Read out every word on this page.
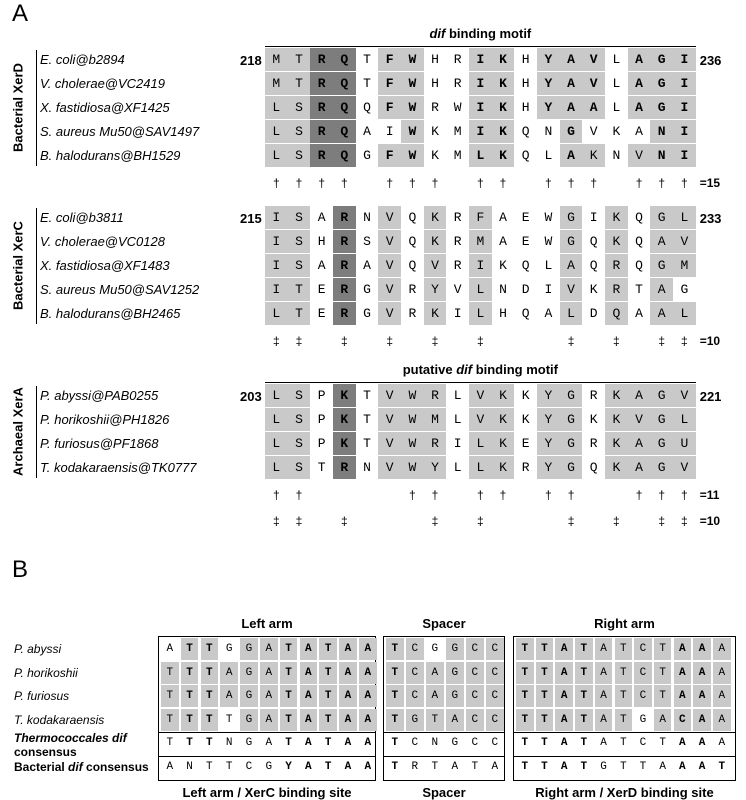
A
Bacterial XerD
dif binding motif
218	236
E. coli@b2894	M	T	R	Q	T	F	W	H	R	I	K	H	Y	A	V	L	A	G	I
V. cholerae@VC2419	M	T	R	Q	T	F	W	H	R	I	K	H	Y	A	V	L	A	G	I
X. fastidiosa@XF1425	L	S	R	Q	Q	F	W	R	W	I	K	H	Y	A	A	L	A	G	I
S. aureus Mu50@SAV1497	L	S	R	Q	A	I	W	K	M	I	K	Q	N	G	V	K	A	N	I
B. halodurans@BH1529	L	S	R	Q	G	F	W	K	M	L	K	Q	L	A	K	N	V	N	I
†	†	†	†	†	†	†	†	†	†	†	†	†	†	†	=15
Bacterial XerC
215	233
E. coli@b3811	I	S	A	R	N	V	Q	K	R	F	A	E	W	G	I	K	Q	G	L
V. cholerae@VC0128	I	S	H	R	S	V	Q	K	R	M	A	E	W	G	Q	K	Q	A	V
X. fastidiosa@XF1483	I	S	A	R	A	V	Q	V	R	I	K	Q	L	A	Q	R	Q	G	M
S. aureus Mu50@SAV1252	I	T	E	R	G	V	R	Y	V	L	N	D	I	V	K	R	T	A	G
B. halodurans@BH2465	L	T	E	R	G	V	R	K	I	L	H	Q	A	L	D	Q	A	A	L
‡	‡	‡	‡	‡	‡	‡	‡	‡	‡	=10
Archaeal XerA
putative dif binding motif
203	221
P. abyssi@PAB0255	L	S	P	K	T	V	W	R	L	V	K	K	Y	G	R	K	A	G	V
P. horikoshii@PH1826	L	S	P	K	T	V	W	M	L	V	K	K	Y	G	K	K	V	G	L
P. furiosus@PF1868	L	S	P	K	T	V	W	R	I	L	K	E	Y	G	R	K	A	G	U
T. kodakaraensis@TK0777	L	S	T	R	N	V	W	Y	L	L	K	R	Y	G	Q	K	A	G	V
†	†	†	†	†	†	†	†	†	†	†	=11
‡	‡	‡	‡	‡	‡	‡	‡	‡	=10
B
Left arm
Left arm / XerC binding site
Spacer
Spacer
Right arm
Right arm / XerD binding site
P. abyssi	A	T	T	G	G	A	T	A	T	A	A	T	C	G	G	C	C	T	T	A	T	A	T	C	T	A	A	A
P. horikoshii	T	T	T	A	G	A	T	A	T	A	A	T	C	A	G	C	C	T	T	A	T	A	T	C	T	A	A	A
P. furiosus	T	T	T	A	G	A	T	A	T	A	A	T	C	A	G	C	C	T	T	A	T	A	T	C	T	A	A	A
T. kodakaraensis	T	T	T	T	G	A	T	A	T	A	A	T	G	T	A	C	C	T	T	A	T	A	T	G	A	C	A	A
Thermococcales dif
consensus
T	T	T	N	G	A	T	A	T	A	A	T	C	N	G	C	C	T	T	A	T	A	T	C	T	A	A	A
Bacterial dif consensus	A	N	T	T	C	G	Y	A	T	A	A	T	R	T	A	T	A	T	T	A	T	G	T	T	A	A	A	T
